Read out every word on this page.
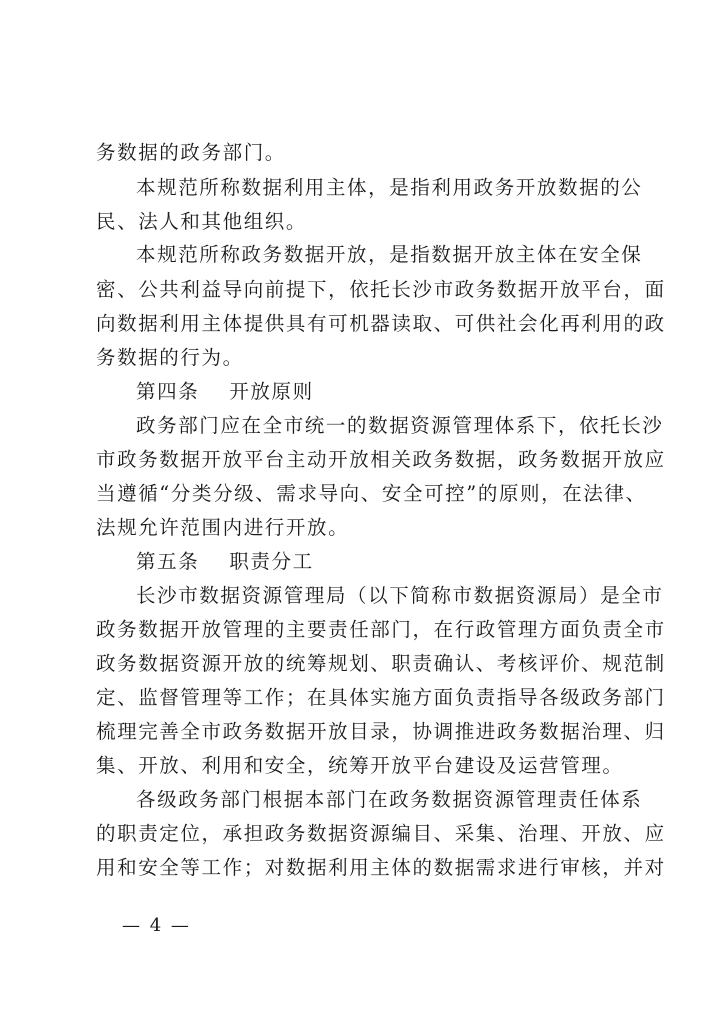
务数据的政务部门。
本规范所称数据利用主体，是指利用政务开放数据的公
民、法人和其他组织。
本规范所称政务数据开放，是指数据开放主体在安全保
密、公共利益导向前提下，依托长沙市政务数据开放平台，面
向数据利用主体提供具有可机器读取、可供社会化再利用的政
务数据的行为。
第四条 开放原则
政务部门应在全市统一的数据资源管理体系下，依托长沙
市政务数据开放平台主动开放相关政务数据，政务数据开放应
当遵循“分类分级、需求导向、安全可控”的原则，在法律、
法规允许范围内进行开放。
第五条 职责分工
长沙市数据资源管理局（以下简称市数据资源局）是全市
政务数据开放管理的主要责任部门，在行政管理方面负责全市
政务数据资源开放的统筹规划、职责确认、考核评价、规范制
定、监督管理等工作；在具体实施方面负责指导各级政务部门
梳理完善全市政务数据开放目录，协调推进政务数据治理、归
集、开放、利用和安全，统筹开放平台建设及运营管理。
各级政务部门根据本部门在政务数据资源管理责任体系
的职责定位，承担政务数据资源编目、采集、治理、开放、应
用和安全等工作；对数据利用主体的数据需求进行审核，并对
— 4 —
